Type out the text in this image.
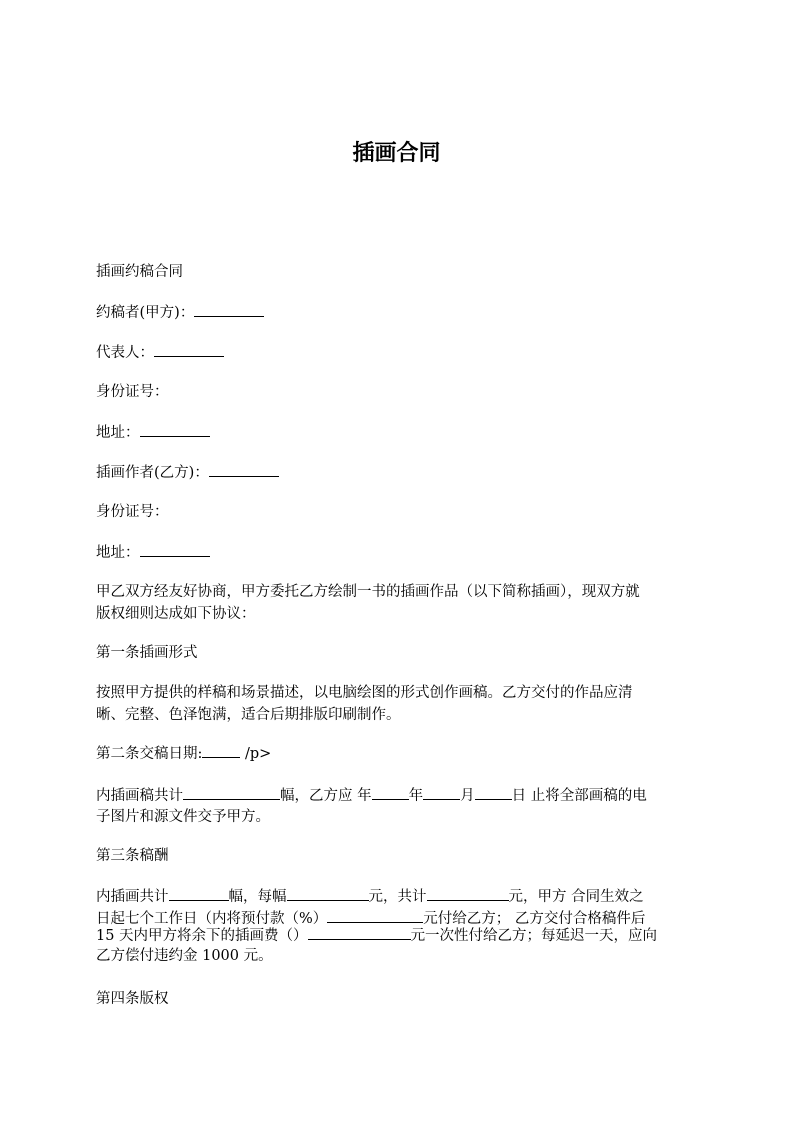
插画合同
插画约稿合同
约稿者(甲方)：
代表人：
身份证号：
地址：
插画作者(乙方)：
身份证号：
地址：
甲乙双方经友好协商，甲方委托乙方绘制一书的插画作品（以下简称插画），现双方就
版权细则达成如下协议：
第一条插画形式
按照甲方提供的样稿和场景描述，以电脑绘图的形式创作画稿。乙方交付的作品应清
晰、完整、色泽饱满，适合后期排版印刷制作。
第二条交稿日期:	/p>
内插画稿共计	幅，乙方应 年	年	月	日 止将全部画稿的电
子图片和源文件交予甲方。
第三条稿酬
内插画共计	幅，每幅	元，共计	元，甲方 合同生效之
日起七个工作日（内将预付款（%）	元付给乙方； 乙方交付合格稿件后
15 天内甲方将余下的插画费（）	元一次性付给乙方；每延迟一天，应向
乙方偿付违约金 1000 元。
第四条版权
